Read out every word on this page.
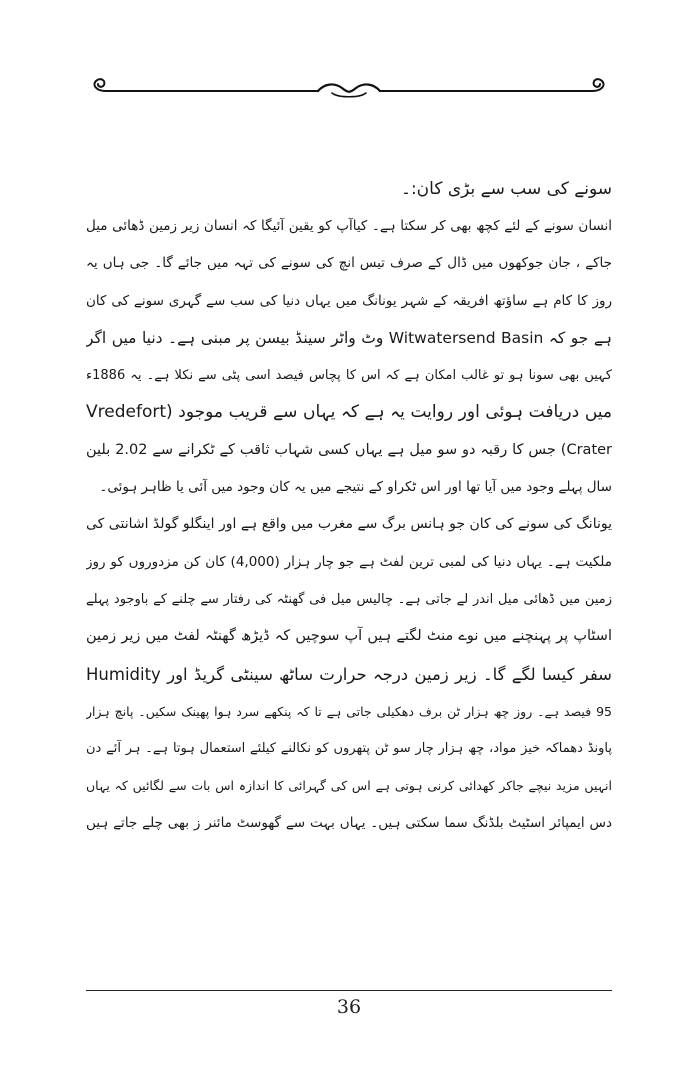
سونے کی سب سے بڑی کان:۔
انسان سونے کے لئے کچھ بھی کر سکتا ہے۔ کیاآپ کو یقین آئیگا کہ انسان زیر زمین ڈھائی میل
جاکے ، جان جوکھوں میں ڈال کے صرف تیس انچ کی سونے کی تہہ میں جائے گا۔ جی ہاں یہ
روز کا کام ہے ساؤتھ افریقہ کے شہر یونانگ میں یہاں دنیا کی سب سے گہری سونے کی کان
ہے جو کہ Witwatersend Basin وٹ واٹر سینڈ بیسن پر مبنی ہے۔ دنیا میں اگر
کہیں بھی سونا ہو تو غالب امکان ہے کہ اس کا پچاس فیصد اسی پٹی سے نکلا ہے۔ یہ 1886ء
میں دریافت ہوئی اور روایت یہ ہے کہ یہاں سے قریب موجود (Vredefort
Crater) جس کا رقبہ دو سو میل ہے یہاں کسی شہاب ثاقب کے ٹکرانے سے 2.02 بلین
سال پہلے وجود میں آیا تھا اور اس ٹکراو کے نتیجے میں یہ کان وجود میں آئی یا ظاہر ہوئی۔
یونانگ کی سونے کی کان جو ہانس برگ سے مغرب میں واقع ہے اور اینگلو گولڈ اشانتی کی
ملکیت ہے۔ یہاں دنیا کی لمبی ترین لفٹ ہے جو چار ہزار (4,000) کان کن مزدوروں کو روز
زمین میں ڈھائی میل اندر لے جاتی ہے۔ چالیس میل فی گھنٹہ کی رفتار سے چلنے کے باوجود پہلے
اسٹاپ پر پہنچنے میں نوے منٹ لگتے ہیں آپ سوچیں کہ ڈیڑھ گھنٹہ لفٹ میں زیر زمین
سفر کیسا لگے گا۔ زیر زمین درجہ حرارت ساٹھ سینٹی گریڈ اور Humidity
95 فیصد ہے۔ روز چھ ہزار ٹن برف دھکیلی جاتی ہے تا کہ پنکھے سرد ہوا پھینک سکیں۔ پانچ ہزار
پاونڈ دھماکہ خیز مواد، چھ ہزار چار سو ٹن پتھروں کو نکالنے کیلئے استعمال ہوتا ہے۔ ہر آئے دن
انہیں مزید نیچے جاکر کھدائی کرنی ہوتی ہے اس کی گہرائی کا اندازہ اس بات سے لگائیں کہ یہاں
دس ایمپائر اسٹیٹ بلڈنگ سما سکتی ہیں۔ یہاں بہت سے گھوسٹ مائنر ز بھی چلے جاتے ہیں
36
